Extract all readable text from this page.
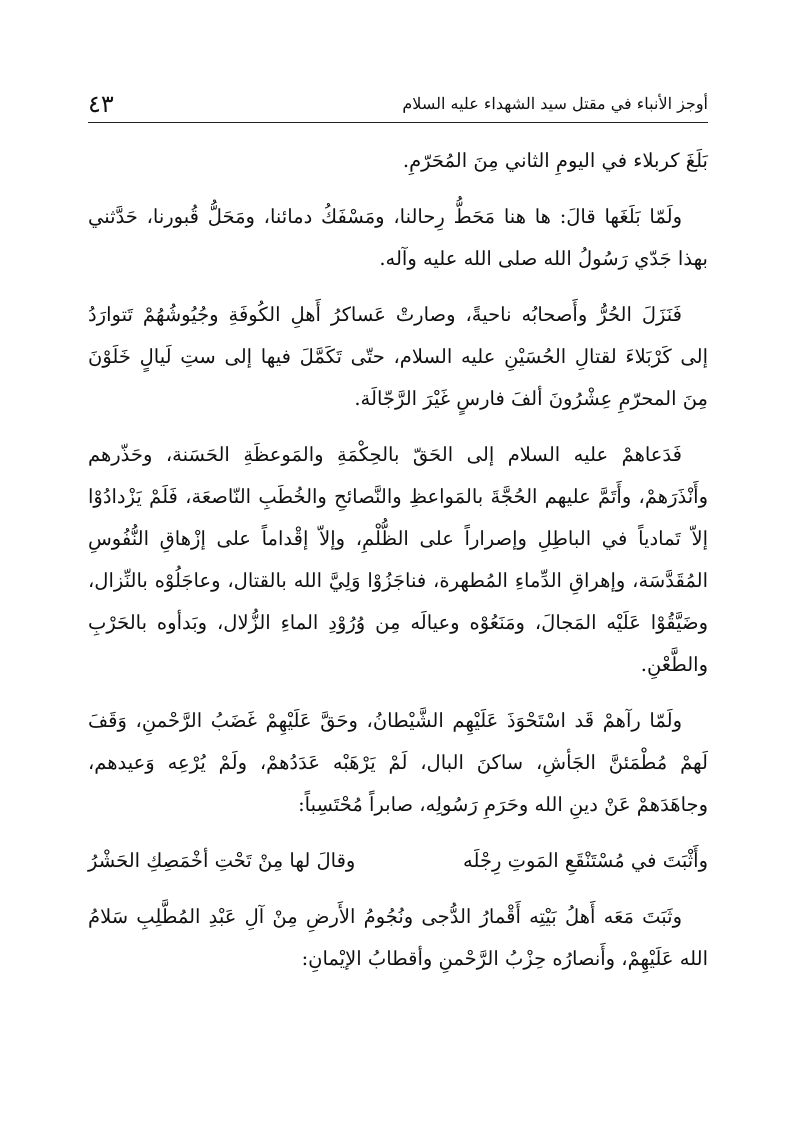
٤٣	أوجز الأنباء في مقتل سيد الشهداء عليه السلام

بَلَغَ كربلاء في اليومِ الثاني مِنَ المُحَرّمِ.

ولَمّا بَلَغَها قالَ: ها هنا مَحَطُّ رِحالنا، ومَسْفَكُ دمائنا، ومَحَلُّ قُبورنا، حَدَّثني بهذا جَدّي رَسُولُ الله صلى الله عليه وآله.

فَنَزَلَ الحُرُّ وأَصحابُه ناحيةً، وصارتْ عَساكرُ أَهلِ الكُوفَةِ وجُيُوشُهُمْ تَتوارَدُ إلى كَرْبَلاءَ لقتالِ الحُسَيْنِ عليه السلام، حتّى تَكَمَّلَ فيها إلى ستِ لَيالٍ خَلَوْنَ مِنَ المحرّمِ عِشْرُونَ ألفَ فارسٍ غَيْرَ الرَّجّالَة.

فَدَعاهمْ عليه السلام إلى الحَقّ بالحِكْمَةِ والمَوعظَةِ الحَسَنة، وحَذّرهم وأَنْذَرَهمْ، وأَتَمَّ عليهم الحُجَّةَ بالمَواعظِ والنَّصائحِ والخُطَبِ النّاصعَة، فَلَمْ يَزْدادُوْا إلاّ تَمادياً في الباطِلِ وإصراراً على الظُّلْمِ، وإلاّ إقْداماً على إزْهاقِ النُّفُوسِ المُقَدَّسَة، وإهراقِ الدِّماءِ المُطهرة، فناجَزُوْا وَلِيَّ الله بالقتال، وعاجَلُوْه بالنِّزال، وضَيَّقُوْا عَلَيْه المَجالَ، ومَنَعُوْه وعيالَه مِن وُرُوْدِ الماءِ الزُّلال، وبَدأوه بالحَرْبِ والطَّعْنِ.

ولَمّا رآهمْ قَد اسْتَحْوَذَ عَلَيْهِم الشَّيْطانُ، وحَقَّ عَلَيْهِمْ غَضَبُ الرَّحْمنِ، وَقَفَ لَهمْ مُطْمَئنَّ الجَأشِ، ساكنَ البال، لَمْ يَرْهَبْه عَدَدُهمْ، ولَمْ يُرْعِه وَعيدهم، وجاهَدَهمْ عَنْ دينِ الله وحَرَمِ رَسُولِه، صابراً مُحْتَسِباً:

وأَثْبَتَ في مُسْتَنْقَعِ المَوتِ رِجْلَه
وقالَ لها مِنْ تَحْتِ أخْمَصِكِ الحَشْرُ

وثَبَتَ مَعَه أَهلُ بَيْتِه أَقْمارُ الدُّجى ونُجُومُ الأَرضِ مِنْ آلِ عَبْدِ المُطَّلِبِ سَلامُ الله عَلَيْهِمْ، وأَنصارُه حِزْبُ الرَّحْمنِ وأقطابُ الإيْمانِ:
